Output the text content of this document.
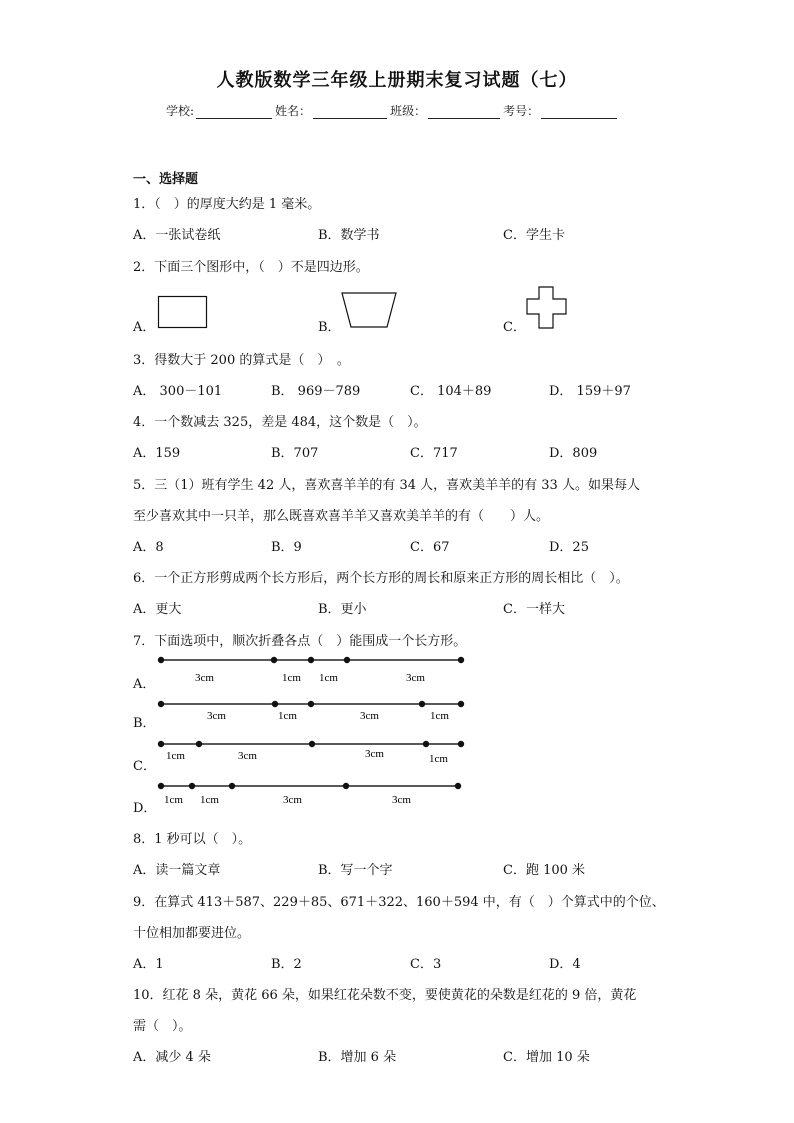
人教版数学三年级上册期末复习试题（七）
学校:	姓名：	班级：	考号：
一、选择题
1．（　）的厚度大约是 1 毫米。
A．一张试卷纸	B．数学书	C．学生卡
2．下面三个图形中，（　）不是四边形。
A．	B．	C．
3．得数大于 200 的算式是（　）　。
A． 300－101	B． 969－789	C． 104＋89	D． 159＋97
4．一个数减去 325，差是 484，这个数是（　）。
A．159	B．707	C．717	D．809
5．三（1）班有学生 42 人，喜欢喜羊羊的有 34 人，喜欢美羊羊的有 33 人。如果每人
至少喜欢其中一只羊，那么既喜欢喜羊羊又喜欢美羊羊的有（　　）人。
A．8	B．9	C．67	D．25
6．一个正方形剪成两个长方形后，两个长方形的周长和原来正方形的周长相比（　）。
A．更大	B．更小	C．一样大
7．下面选项中，顺次折叠各点（　）能围成一个长方形。
A．	3cm	1cm 1cm	3cm
B．	3cm	1cm	3cm	1cm
C．
1cm	3cm	3cm	1cm
D．
1cm 1cm	3cm	3cm
8．1 秒可以（　）。
A．读一篇文章	B．写一个字	C．跑 100 米
9．在算式 413＋587、229＋85、671＋322、160＋594 中，有（　）个算式中的个位、
十位相加都要进位。
A．1	B．2	C．3	D．4
10．红花 8 朵，黄花 66 朵，如果红花朵数不变，要使黄花的朵数是红花的 9 倍，黄花
需（　）。
A．减少 4 朵	B．增加 6 朵	C．增加 10 朵
